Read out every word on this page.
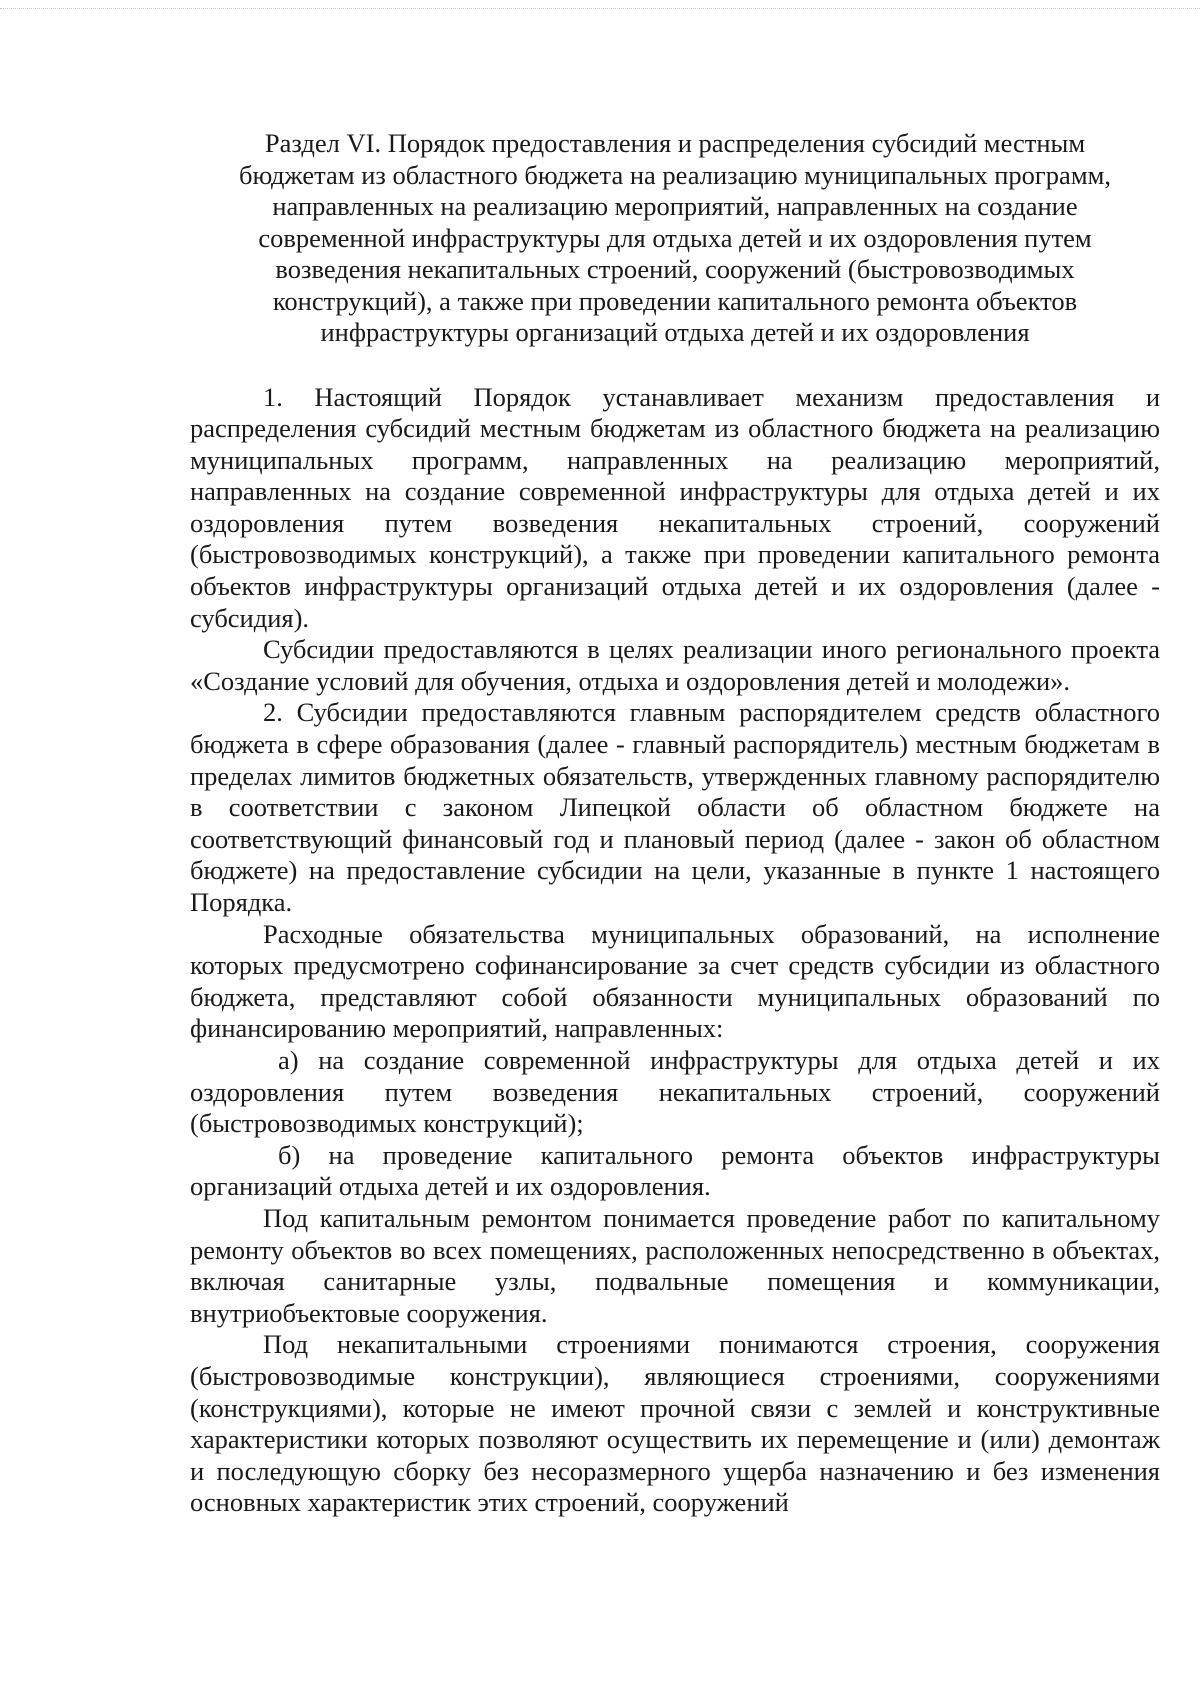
Раздел VI. Порядок предоставления и распределения субсидий местным
бюджетам из областного бюджета на реализацию муниципальных программ,
направленных на реализацию мероприятий, направленных на создание
современной инфраструктуры для отдыха детей и их оздоровления путем
возведения некапитальных строений, сооружений (быстровозводимых
конструкций), а также при проведении капитального ремонта объектов
инфраструктуры организаций отдыха детей и их оздоровления

1. Настоящий Порядок устанавливает механизм предоставления и распределения субсидий местным бюджетам из областного бюджета на реализацию муниципальных программ, направленных на реализацию мероприятий, направленных на создание современной инфраструктуры для отдыха детей и их оздоровления путем возведения некапитальных строений, сооружений (быстровозводимых конструкций), а также при проведении капитального ремонта объектов инфраструктуры организаций отдыха детей и их оздоровления (далее - субсидия).

Субсидии предоставляются в целях реализации иного регионального проекта «Создание условий для обучения, отдыха и оздоровления детей и молодежи».

2. Субсидии предоставляются главным распорядителем средств областного бюджета в сфере образования (далее - главный распорядитель) местным бюджетам в пределах лимитов бюджетных обязательств, утвержденных главному распорядителю в соответствии с законом Липецкой области об областном бюджете на соответствующий финансовый год и плановый период (далее - закон об областном бюджете) на предоставление субсидии на цели, указанные в пункте 1 настоящего Порядка.

Расходные обязательства муниципальных образований, на исполнение которых предусмотрено софинансирование за счет средств субсидии из областного бюджета, представляют собой обязанности муниципальных образований по финансированию мероприятий, направленных:

а) на создание современной инфраструктуры для отдыха детей и их оздоровления путем возведения некапитальных строений, сооружений (быстровозводимых конструкций);

б) на проведение капитального ремонта объектов инфраструктуры организаций отдыха детей и их оздоровления.

Под капитальным ремонтом понимается проведение работ по капитальному ремонту объектов во всех помещениях, расположенных непосредственно в объектах, включая санитарные узлы, подвальные помещения и коммуникации, внутриобъектовые сооружения.

Под некапитальными строениями понимаются строения, сооружения (быстровозводимые конструкции), являющиеся строениями, сооружениями (конструкциями), которые не имеют прочной связи с землей и конструктивные характеристики которых позволяют осуществить их перемещение и (или) демонтаж и последующую сборку без несоразмерного ущерба назначению и без изменения основных характеристик этих строений, сооружений
